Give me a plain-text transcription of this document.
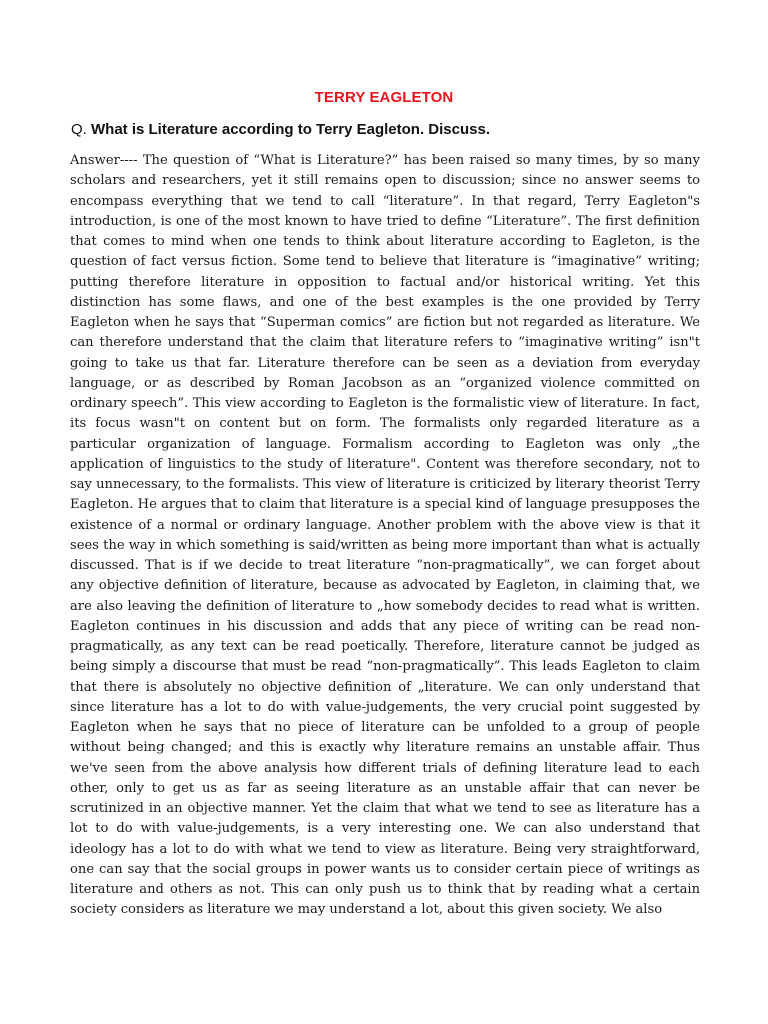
TERRY EAGLETON
Q. What is Literature according to Terry Eagleton. Discuss.

Answer---- The question of “What is Literature?” has been raised so many times, by so many scholars and researchers, yet it still remains open to discussion; since no answer seems to encompass everything that we tend to call “literature”. In that regard, Terry Eagleton"s introduction, is one of the most known to have tried to define “Literature”. The first definition that comes to mind when one tends to think about literature according to Eagleton, is the question of fact versus fiction. Some tend to believe that literature is “imaginative” writing; putting therefore literature in opposition to factual and/or historical writing. Yet this distinction has some flaws, and one of the best examples is the one provided by Terry Eagleton when he says that “Superman comics” are fiction but not regarded as literature. We can therefore understand that the claim that literature refers to “imaginative writing” isn"t going to take us that far. Literature therefore can be seen as a deviation from everyday language, or as described by Roman Jacobson as an “organized violence committed on ordinary speech”. This view according to Eagleton is the formalistic view of literature. In fact, its focus wasn"t on content but on form. The formalists only regarded literature as a particular organization of language. Formalism according to Eagleton was only „the application of linguistics to the study of literature". Content was therefore secondary, not to say unnecessary, to the formalists. This view of literature is criticized by literary theorist Terry Eagleton. He argues that to claim that literature is a special kind of language presupposes the existence of a normal or ordinary language. Another problem with the above view is that it sees the way in which something is said/written as being more important than what is actually discussed. That is if we decide to treat literature “non-pragmatically”, we can forget about any objective definition of literature, because as advocated by Eagleton, in claiming that, we are also leaving the definition of literature to „how somebody decides to read what is written. Eagleton continues in his discussion and adds that any piece of writing can be read non- pragmatically, as any text can be read poetically. Therefore, literature cannot be judged as being simply a discourse that must be read “non-pragmatically”. This leads Eagleton to claim that there is absolutely no objective definition of „literature. We can only understand that since literature has a lot to do with value-judgements, the very crucial point suggested by Eagleton when he says that no piece of literature can be unfolded to a group of people without being changed; and this is exactly why literature remains an unstable affair. Thus we've seen from the above analysis how different trials of defining literature lead to each other, only to get us as far as seeing literature as an unstable affair that can never be scrutinized in an objective manner. Yet the claim that what we tend to see as literature has a lot to do with value-judgements, is a very interesting one. We can also understand that ideology has a lot to do with what we tend to view as literature. Being very straightforward, one can say that the social groups in power wants us to consider certain piece of writings as literature and others as not. This can only push us to think that by reading what a certain society considers as literature we may understand a lot, about this given society. We also
